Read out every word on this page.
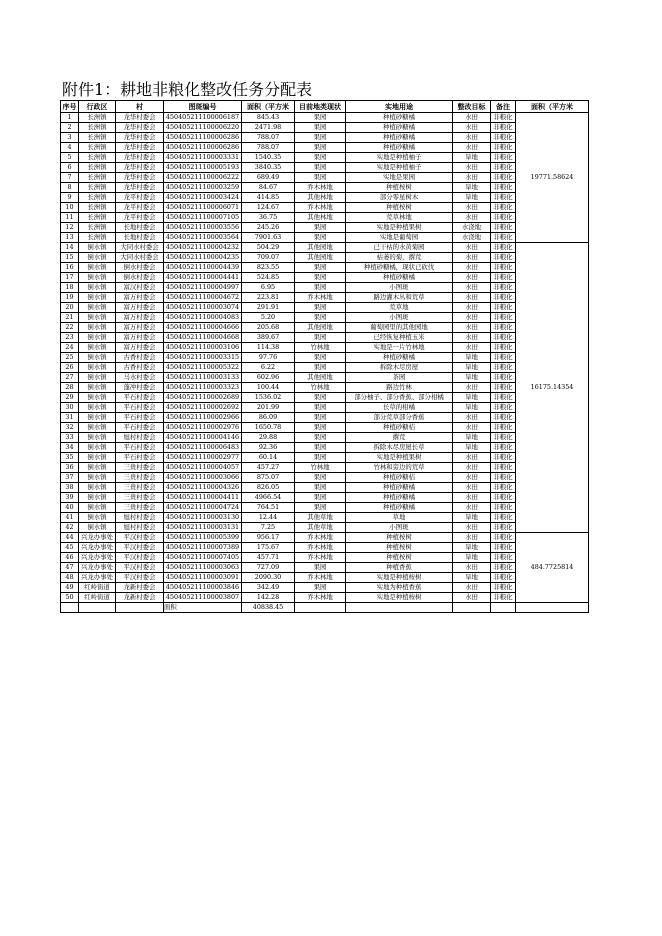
附件1：耕地非粮化整改任务分配表
序号	行政区	村	图斑编号	面积（平方米	目前地类现状	实地用途	整改目标	备注	面积（平方米
1	长洲镇	龙华村委会	450405211100006187	845.43	果园	种植砂糖橘	水田	非粮化	19771.58624
2	长洲镇	龙华村委会	450405211100006220	2471.98	果园	种植砂糖橘	水田	非粮化	
3	长洲镇	龙华村委会	450405211100006286	788.07	果园	种植砂糖橘	水田	非粮化	
4	长洲镇	龙华村委会	450405211100006286	788.07	果园	种植砂糖橘	水田	非粮化	
5	长洲镇	龙华村委会	450405211100003331	1540.35	果园	实地是种植柚子	旱地	非粮化	
6	长洲镇	龙华村委会	450405211100005193	3840.35	果园	实地是种植柚子	水田	非粮化	
7	长洲镇	龙华村委会	450405211100006222	689.49	果园	实地是果园	水田	非粮化	
8	长洲镇	龙华村委会	450405211100003259	84.67	乔木林地	种植桉树	旱地	非粮化	
9	长洲镇	龙平村委会	450405211100003424	414.85	其他林地	部分零星树木	旱地	非粮化	
10	长洲镇	龙平村委会	450405211100006071	124.67	乔木林地	种植桉树	水田	非粮化	
11	长洲镇	龙平村委会	450405211100007105	36.75	其他林地	荒草林地	水田	非粮化	
12	长洲镇	长地村委会	450405211100003556	245.26	果园	实地是种植果树	水浇地	非粮化	
13	长洲镇	长地村委会	450405211100003564	7901.63	果园	实地是葡萄园	水浇地	非粮化	
14	倒水镇	大同水村委会	450405211100004232	504.29	其他园地	已干枯的水黄菊园	水田	非粮化	16175.14354
15	倒水镇	大同水村委会	450405211100004235	709.07	其他园地	枯萎的菊，撂荒	水田	非粮化	
16	倒水镇	倒水村委会	450405211100004439	823.55	果园	种植砂糖橘，现状已砍伐	水田	非粮化	
17	倒水镇	倒水村委会	450405211100004441	524.85	果园	种植砂糖橘	水田	非粮化	
18	倒水镇	富汉村委会	450405211100004997	6.95	果园	小图斑	水田	非粮化	
19	倒水镇	富万村委会	450405211100004672	223.81	乔木林地	路边灌木丛和荒草	水田	非粮化	
20	倒水镇	富万村委会	450405211100003074	291.91	果园	荒草地	水田	非粮化	
21	倒水镇	富万村委会	450405211100004083	5.20	果园	小图斑	水田	非粮化	
22	倒水镇	富万村委会	450405211100004666	205.68	其他园地	葡萄园里的其他园地	水田	非粮化	
23	倒水镇	富万村委会	450405211100004668	389.67	果园	已经恢复种植玉米	水田	非粮化	
24	倒水镇	富万村委会	450405211100003106	114.38	竹林地	实地是一片竹林地	水田	非粮化	
25	倒水镇	古香村委会	450405211100003315	97.76	果园	种植砂糖橘	旱地	非粮化	
26	倒水镇	古香村委会	450405211100005322	6.22	果园	拆除木尽房屋	旱地	非粮化	
27	倒水镇	马水村委会	450405211100003133	602.96	其他园地	茶园	旱地	非粮化	
28	倒水镇	蓬冲村委会	450405211100003323	100.44	竹林地	路边竹林	水田	非粮化	
29	倒水镇	平石村委会	450405211100002689	1536.02	果园	部分柚子、部分香蕉、部分柑橘	旱地	非粮化	
30	倒水镇	平石村委会	450405211100002692	201.99	果园	长草的柑橘	旱地	非粮化	
31	倒水镇	平石村委会	450405211100002966	86.09	果园	部分荒草部分香蕉	水田	非粮化	
32	倒水镇	平石村委会	450405211100002976	1650.78	果园	种植砂糖桔	水田	非粮化	
33	倒水镇	旭村村委会	450405211100004146	29.88	果园	撂荒	旱地	非粮化	
34	倒水镇	平石村委会	450405211100006483	92.36	果园	拆除木尽房屋长草	旱地	非粮化	
35	倒水镇	平石村委会	450405211100002977	60.14	果园	实地是种植果树	水田	非粮化	
36	倒水镇	三贵村委会	450405211100004057	457.27	竹林地	竹林和旁边的荒草	水田	非粮化	
37	倒水镇	三贵村委会	450405211100003066	875.07	果园	种植砂糖桔	水田	非粮化	
38	倒水镇	三贵村委会	450405211100004326	826.05	果园	种植砂糖橘	水田	非粮化	
39	倒水镇	三贵村委会	450405211100004411	4966.54	果园	种植砂糖橘	水田	非粮化	
40	倒水镇	三贵村委会	450405211100004724	764.51	果园	种植砂糖橘	水田	非粮化	
41	倒水镇	旭村村委会	450405211100003130	12.44	其他草地	草地	旱地	非粮化	
42	倒水镇	旭村村委会	450405211100003131	7.25	其他草地	小图斑	水田	非粮化	
44	兴龙办事处	平汉村委会	450405211100005399	956.17	乔木林地	种植桉树	水田	非粮化	484.7725814
45	兴龙办事处	平汉村委会	450405211100007389	175.67	乔木林地	种植桉树	旱地	非粮化	
46	兴龙办事处	平汉村委会	450405211100007405	457.71	乔木林地	种植桉树	旱地	非粮化	
47	兴龙办事处	平汉村委会	450405211100003063	727.09	果园	种植香蕉	水田	非粮化	
48	兴龙办事处	平汉村委会	450405211100003091	2090.30	乔木林地	实地是种植桉树	旱地	非粮化	
49	红岭街道	龙新村委会	450405211100003846	342.49	果园	实地为种植香蕉	水田	非粮化	
50	红岭街道	龙新村委会	450405211100003807	142.28	乔木林地	实地是种植桉树	水田	非粮化	
			面积	40838.45					
